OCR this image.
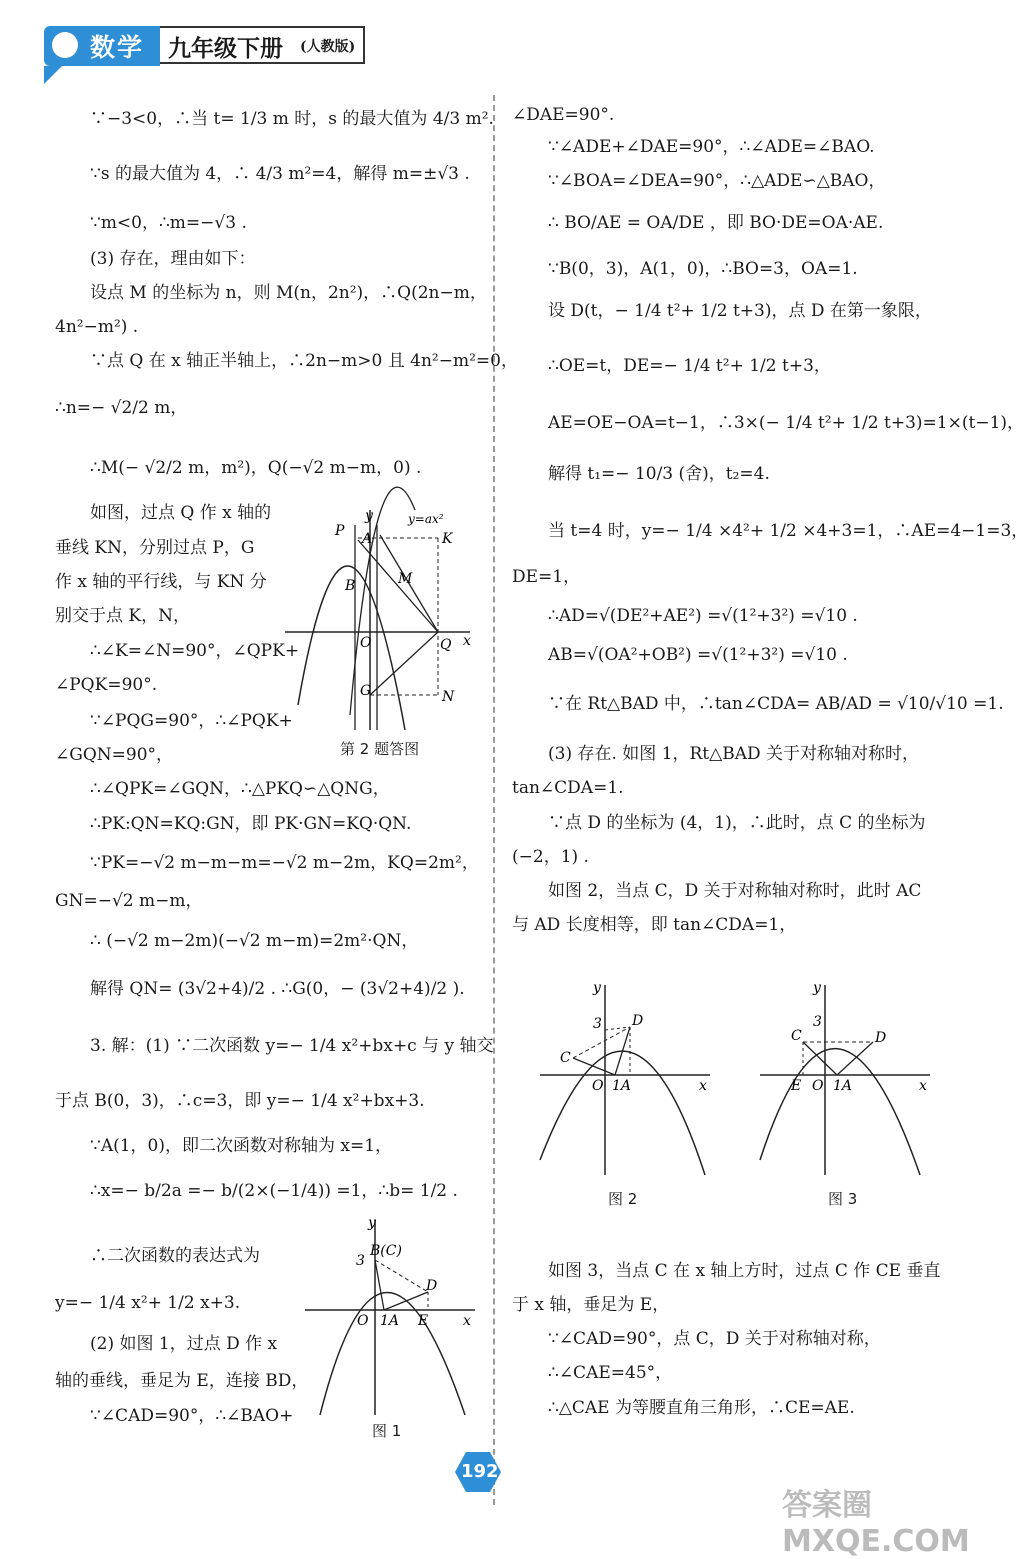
数学 九年级下册 (人教版)
∵−3<0，∴当 t= 1/3 m 时，s 的最大值为 4/3 m².
∵s 的最大值为 4，∴ 4/3 m²=4，解得 m=±√3 .
∵m<0，∴m=−√3 .
(3) 存在，理由如下：
设点 M 的坐标为 n，则 M(n，2n²)，∴Q(2n−m，
4n²−m²) .
∵点 Q 在 x 轴正半轴上，∴2n−m>0 且 4n²−m²=0，
∴n=− √2/2 m，
∴M(− √2/2 m，m²)，Q(−√2 m−m，0) .
如图，过点 Q 作 x 轴的
垂线 KN，分别过点 P，G
作 x 轴的平行线，与 KN 分
别交于点 K，N，
∴∠K=∠N=90°，∠QPK+
∠PQK=90°.
∵∠PQG=90°，∴∠PQK+
∠GQN=90°，
∴∠QPK=∠GQN，∴△PKQ∽△QNG，
∴PK:QN=KQ:GN，即 PK·GN=KQ·QN.
∵PK=−√2 m−m−m=−√2 m−2m，KQ=2m²，
GN=−√2 m−m，
∴ (−√2 m−2m)(−√2 m−m)=2m²·QN，
解得 QN= (3√2+4)/2 . ∴G(0，− (3√2+4)/2 ).
3. 解：(1) ∵二次函数 y=− 1/4 x²+bx+c 与 y 轴交
于点 B(0，3)，∴c=3，即 y=− 1/4 x²+bx+3.
∵A(1，0)，即二次函数对称轴为 x=1，
∴x=− b/2a =− b/(2×(−1/4)) =1，∴b= 1/2 .
∴二次函数的表达式为
y=− 1/4 x²+ 1/2 x+3.
(2) 如图 1，过点 D 作 x
轴的垂线，垂足为 E，连接 BD，
∵∠CAD=90°，∴∠BAO+
∠DAE=90°.
∵∠ADE+∠DAE=90°，∴∠ADE=∠BAO.
∵∠BOA=∠DEA=90°，∴△ADE∽△BAO，
∴ BO/AE = OA/DE ，即 BO·DE=OA·AE.
∵B(0，3)，A(1，0)，∴BO=3，OA=1.
设 D(t，− 1/4 t²+ 1/2 t+3)，点 D 在第一象限，
∴OE=t，DE=− 1/4 t²+ 1/2 t+3，
AE=OE−OA=t−1，∴3×(− 1/4 t²+ 1/2 t+3)=1×(t−1)，
解得 t₁=− 10/3 (舍)，t₂=4.
当 t=4 时，y=− 1/4 ×4²+ 1/2 ×4+3=1，∴AE=4−1=3，
DE=1，
∴AD=√(DE²+AE²) =√(1²+3²) =√10 .
AB=√(OA²+OB²) =√(1²+3²) =√10 .
∵在 Rt△BAD 中，∴tan∠CDA= AB/AD = √10/√10 =1.
(3) 存在. 如图 1，Rt△BAD 关于对称轴对称时，
tan∠CDA=1.
∵点 D 的坐标为 (4，1)，∴此时，点 C 的坐标为
(−2，1) .
如图 2，当点 C，D 关于对称轴对称时，此时 AC
与 AD 长度相等，即 tan∠CDA=1，
如图 3，当点 C 在 x 轴上方时，过点 C 作 CE 垂直
于 x 轴，垂足为 E，
∵∠CAD=90°，点 C，D 关于对称轴对称，
∴∠CAE=45°，
∴△CAE 为等腰直角三角形，∴CE=AE.
y	y=ax²
P A	K
B	M
O	Q x
G	N
第 2 题答图
y
3
B(C)
D
O 1A E x
图 1
y
3
C
D
O 1A	x
图 2
y
3
C	D
E O 1A	x
图 3
192
答案圈 MXQE.COM
